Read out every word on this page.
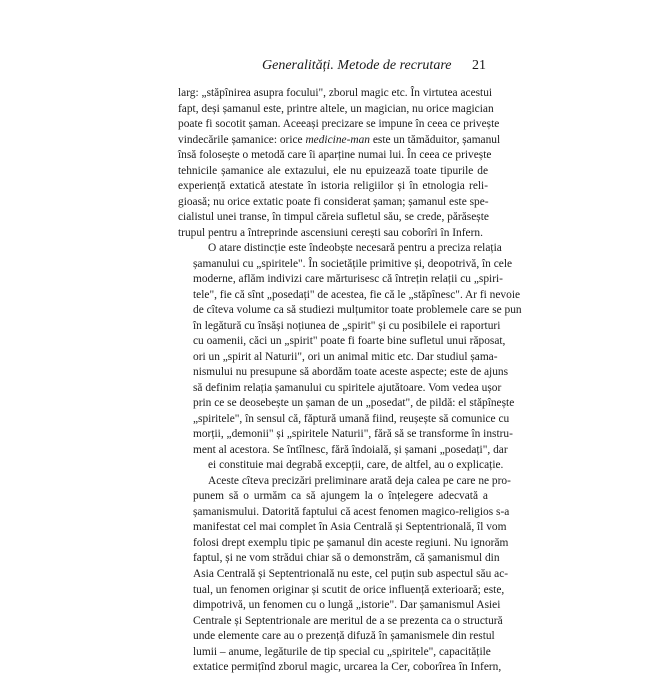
Generalități. Metode de recrutare 21

larg: „stăpînirea asupra focului", zborul magic etc. În virtutea acestui
fapt, deși șamanul este, printre altele, un magician, nu orice magician
poate fi socotit șaman. Aceeași precizare se impune în ceea ce privește
vindecările șamanice: orice medicine-man este un tămăduitor, șamanul
însă folosește o metodă care îi aparține numai lui. În ceea ce privește
tehnicile șamanice ale extazului, ele nu epuizează toate tipurile de
experiență extatică atestate în istoria religiilor și în etnologia reli-
gioasă; nu orice extatic poate fi considerat șaman; șamanul este spe-
cialistul unei transe, în timpul căreia sufletul său, se crede, părăsește
trupul pentru a întreprinde ascensiuni cerești sau coborîri în Infern.

O atare distincție este îndeobște necesară pentru a preciza relația
șamanului cu „spiritele". În societățile primitive și, deopotrivă, în cele
moderne, aflăm indivizi care mărturisesc că întrețin relații cu „spiri-
tele", fie că sînt „posedați" de acestea, fie că le „stăpînesc". Ar fi nevoie
de cîteva volume ca să studiezi mulțumitor toate problemele care se pun
în legătură cu însăși noțiunea de „spirit" și cu posibilele ei raporturi
cu oamenii, căci un „spirit" poate fi foarte bine sufletul unui răposat,
ori un „spirit al Naturii", ori un animal mitic etc. Dar studiul șama-
nismului nu presupune să abordăm toate aceste aspecte; este de ajuns
să definim relația șamanului cu spiritele ajutătoare. Vom vedea ușor
prin ce se deosebește un șaman de un „posedat", de pildă: el stăpînește
„spiritele", în sensul că, făptură umană fiind, reușește să comunice cu
morții, „demonii" și „spiritele Naturii", fără să se transforme în instru-
ment al acestora. Se întîlnesc, fără îndoială, și șamani „posedați", dar
ei constituie mai degrabă excepții, care, de altfel, au o explicație.

Aceste cîteva precizări preliminare arată deja calea pe care ne pro-
punem să o urmăm ca să ajungem la o înțelegere adecvată a
șamanismului. Datorită faptului că acest fenomen magico-religios s-a
manifestat cel mai complet în Asia Centrală și Septentrională, îl vom
folosi drept exemplu tipic pe șamanul din aceste regiuni. Nu ignorăm
faptul, și ne vom strădui chiar să o demonstrăm, că șamanismul din
Asia Centrală și Septentrională nu este, cel puțin sub aspectul său ac-
tual, un fenomen originar și scutit de orice influență exterioară; este,
dimpotrivă, un fenomen cu o lungă „istorie". Dar șamanismul Asiei
Centrale și Septentrionale are meritul de a se prezenta ca o structură
unde elemente care au o prezență difuză în șamanismele din restul
lumii – anume, legăturile de tip special cu „spiritele", capacitățile
extatice permițînd zborul magic, urcarea la Cer, coborîrea în Infern,
